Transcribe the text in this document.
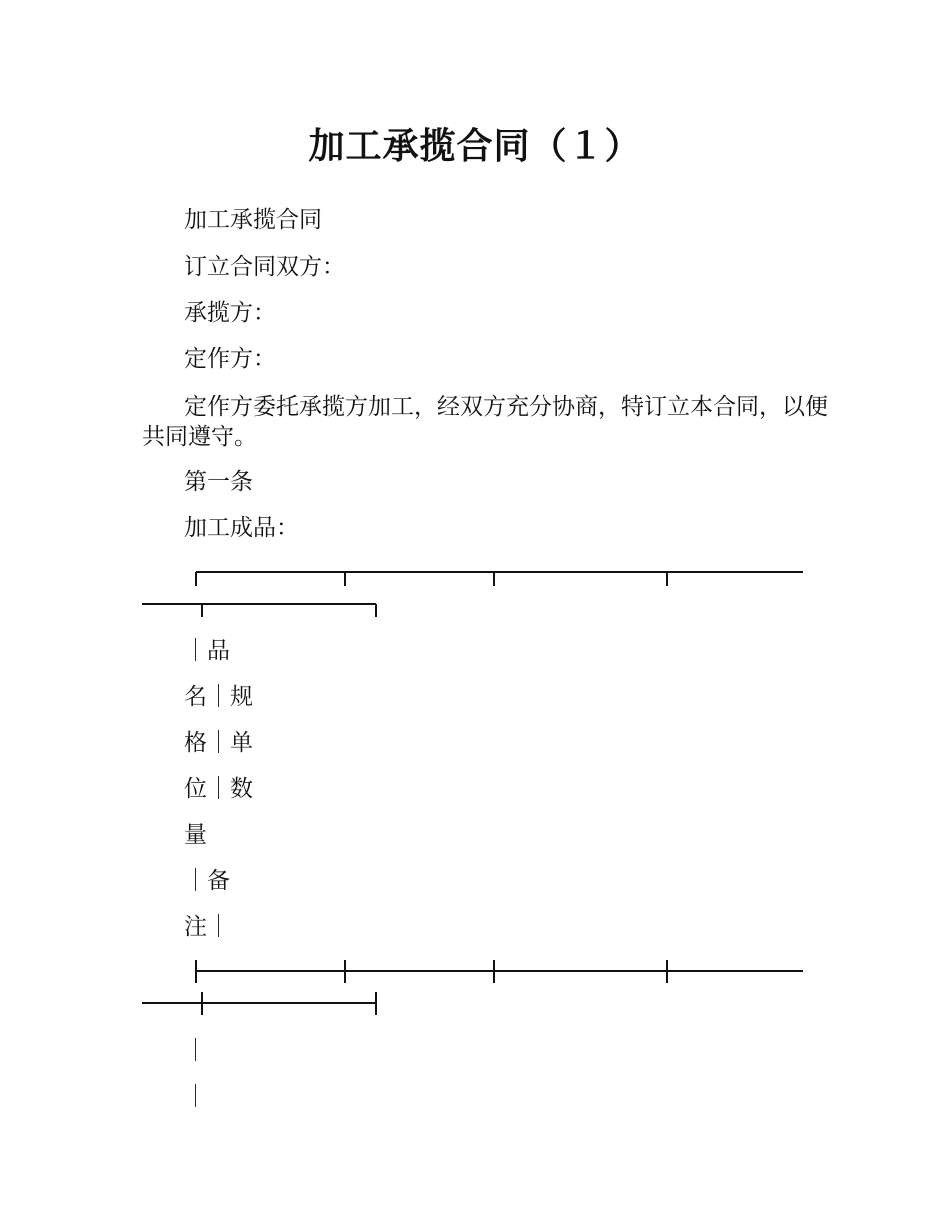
加工承揽合同（１）
加工承揽合同
订立合同双方：
承揽方：
定作方：
定作方委托承揽方加工，经双方充分协商，特订立本合同，以便共同遵守。
第一条
加工成品：
｜品
名｜规
格｜单
位｜数
量
｜备
注｜
｜
｜
